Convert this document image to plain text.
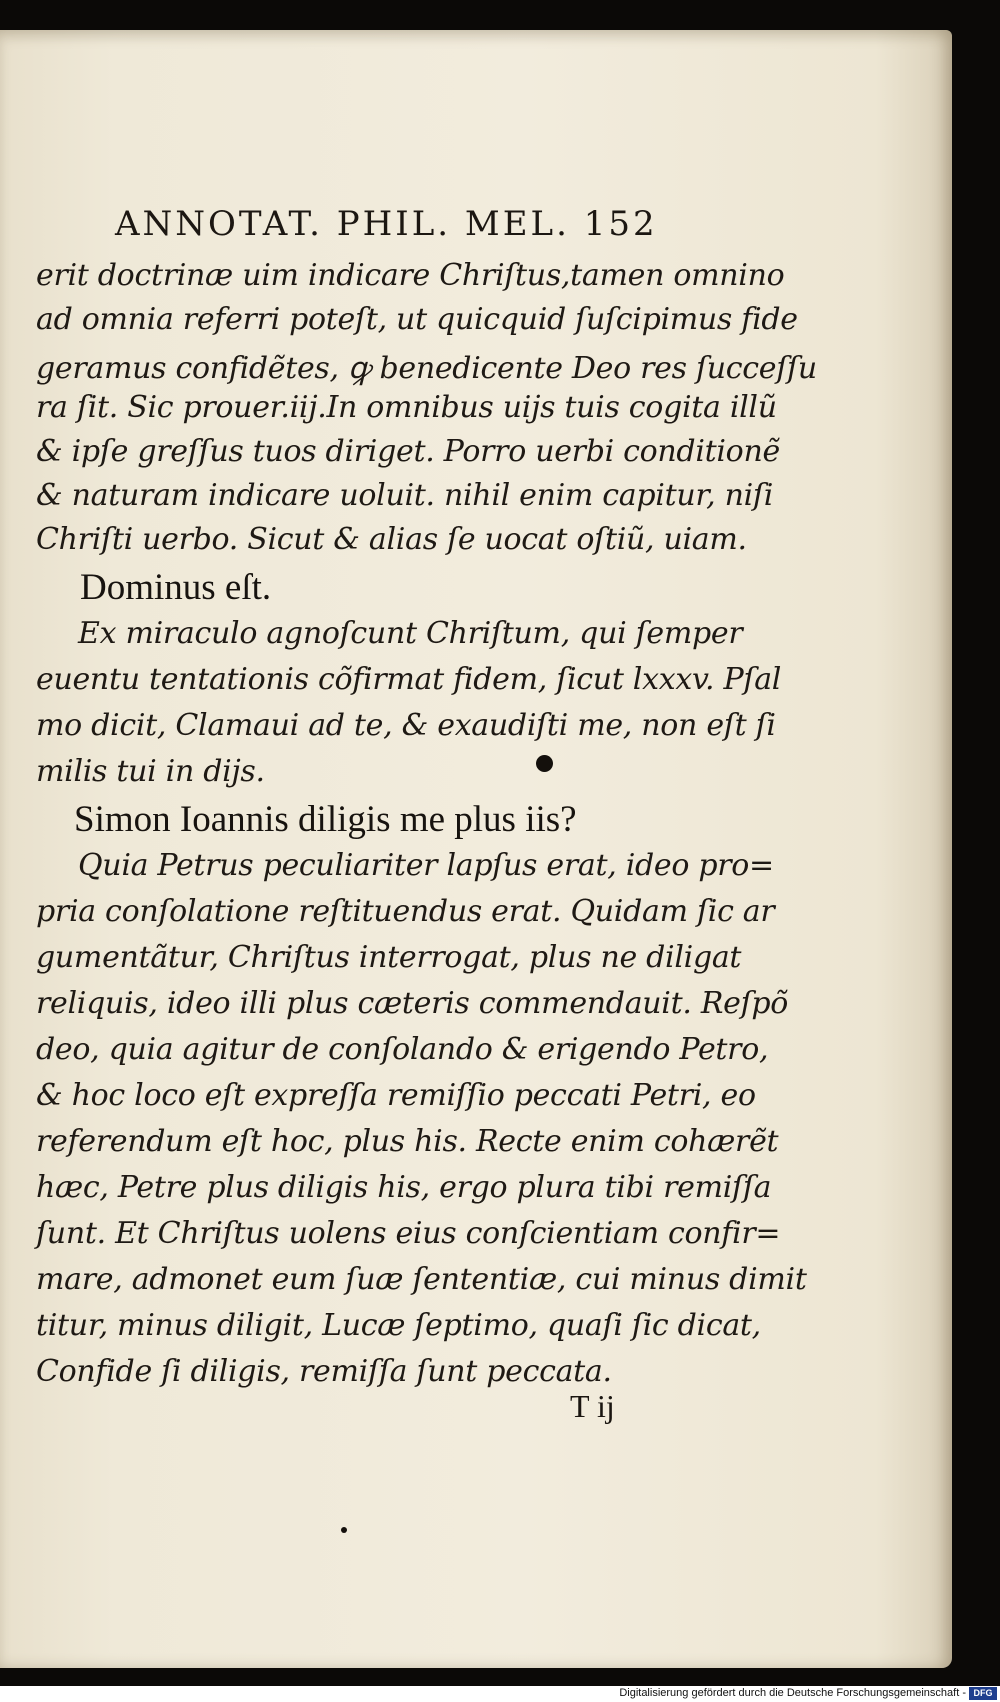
ANNOTAT. PHIL. MEL. 152
erit doctrinæ uim indicare Chriſtus,tamen omnino
ad omnia referri poteſt, ut quicquid ſuſcipimus fide
geramus confidẽtes, ꝙ benedicente Deo res ſucceſſu
ra ſit. Sic prouer.iij.In omnibus uijs tuis cogita illũ
& ipſe greſſus tuos diriget. Porro uerbi conditionẽ
& naturam indicare uoluit. nihil enim capitur, niſi
Chriſti uerbo. Sicut & alias ſe uocat oſtiũ, uiam.
Dominus eſt.
Ex miraculo agnoſcunt Chriſtum, qui ſemper
euentu tentationis cõfirmat fidem, ſicut lxxxv. Pſal
mo dicit, Clamaui ad te, & exaudiſti me, non eſt ſi
milis tui in dijs.
Simon Ioannis diligis me plus iis?
Quia Petrus peculiariter lapſus erat, ideo pro=
pria conſolatione reſtituendus erat. Quidam ſic ar
gumentãtur, Chriſtus interrogat, plus ne diligat
reliquis, ideo illi plus cæteris commendauit. Reſpõ
deo, quia agitur de conſolando & erigendo Petro,
& hoc loco eſt expreſſa remiſſio peccati Petri, eo
referendum eſt hoc, plus his. Recte enim cohærẽt
hæc, Petre plus diligis his, ergo plura tibi remiſſa
ſunt. Et Chriſtus uolens eius conſcientiam confir=
mare, admonet eum ſuæ ſententiæ, cui minus dimit
titur, minus diligit, Lucæ ſeptimo, quaſi ſic dicat,
Confide ſi diligis, remiſſa ſunt peccata.
T ij
Digitalisierung gefördert durch die Deutsche Forschungsgemeinschaft - DFG
